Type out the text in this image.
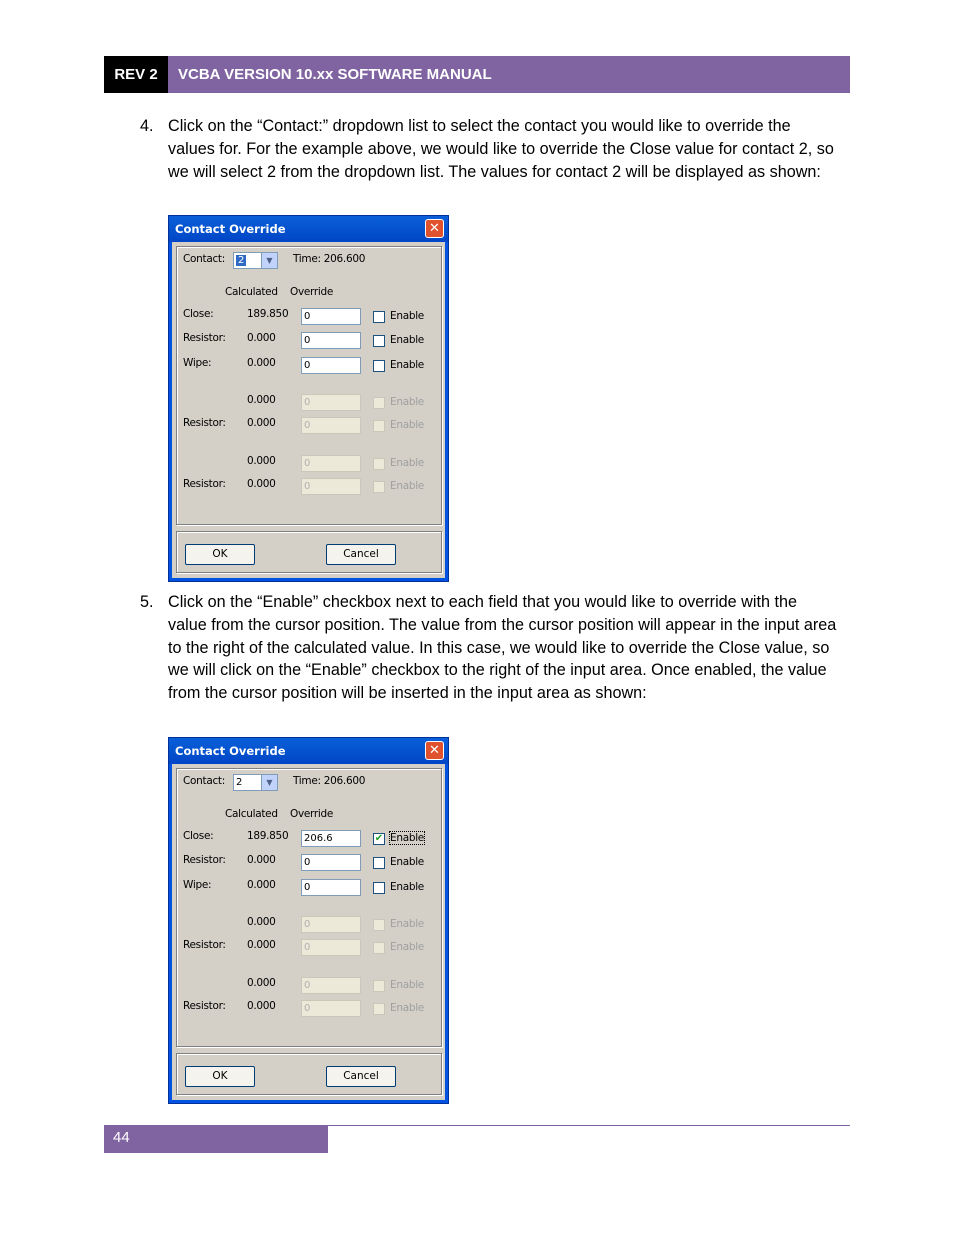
REV 2	VCBA VERSION 10.xx SOFTWARE MANUAL
4. Click on the “Contact:” dropdown list to select the contact you would like to override the values for. For the example above, we would like to override the Close value for contact 2, so we will select 2 from the dropdown list. The values for contact 2 will be displayed as shown:
Contact Override	✕
Contact:	2	▼	Time: 206.600
Calculated Override
Close:	189.850	0	Enable
Resistor: 0.000	0	Enable
Wipe:	0.000	0	Enable
0.000	0	Enable
Resistor: 0.000	0	Enable
0.000	0	Enable
Resistor: 0.000	0	Enable
OK	Cancel
5. Click on the “Enable” checkbox next to each field that you would like to override with the value from the cursor position. The value from the cursor position will appear in the input area to the right of the calculated value. In this case, we would like to override the Close value, so we will click on the “Enable” checkbox to the right of the input area. Once enabled, the value from the cursor position will be inserted in the input area as shown:
Contact Override	✕
Contact:	2	▼	Time: 206.600
Calculated Override
Close:	189.850	206.6	✔ Enable
Resistor: 0.000	0	Enable
Wipe:	0.000	0	Enable
0.000	0	Enable
Resistor: 0.000	0	Enable
0.000	0	Enable
Resistor: 0.000	0	Enable
OK	Cancel
44
